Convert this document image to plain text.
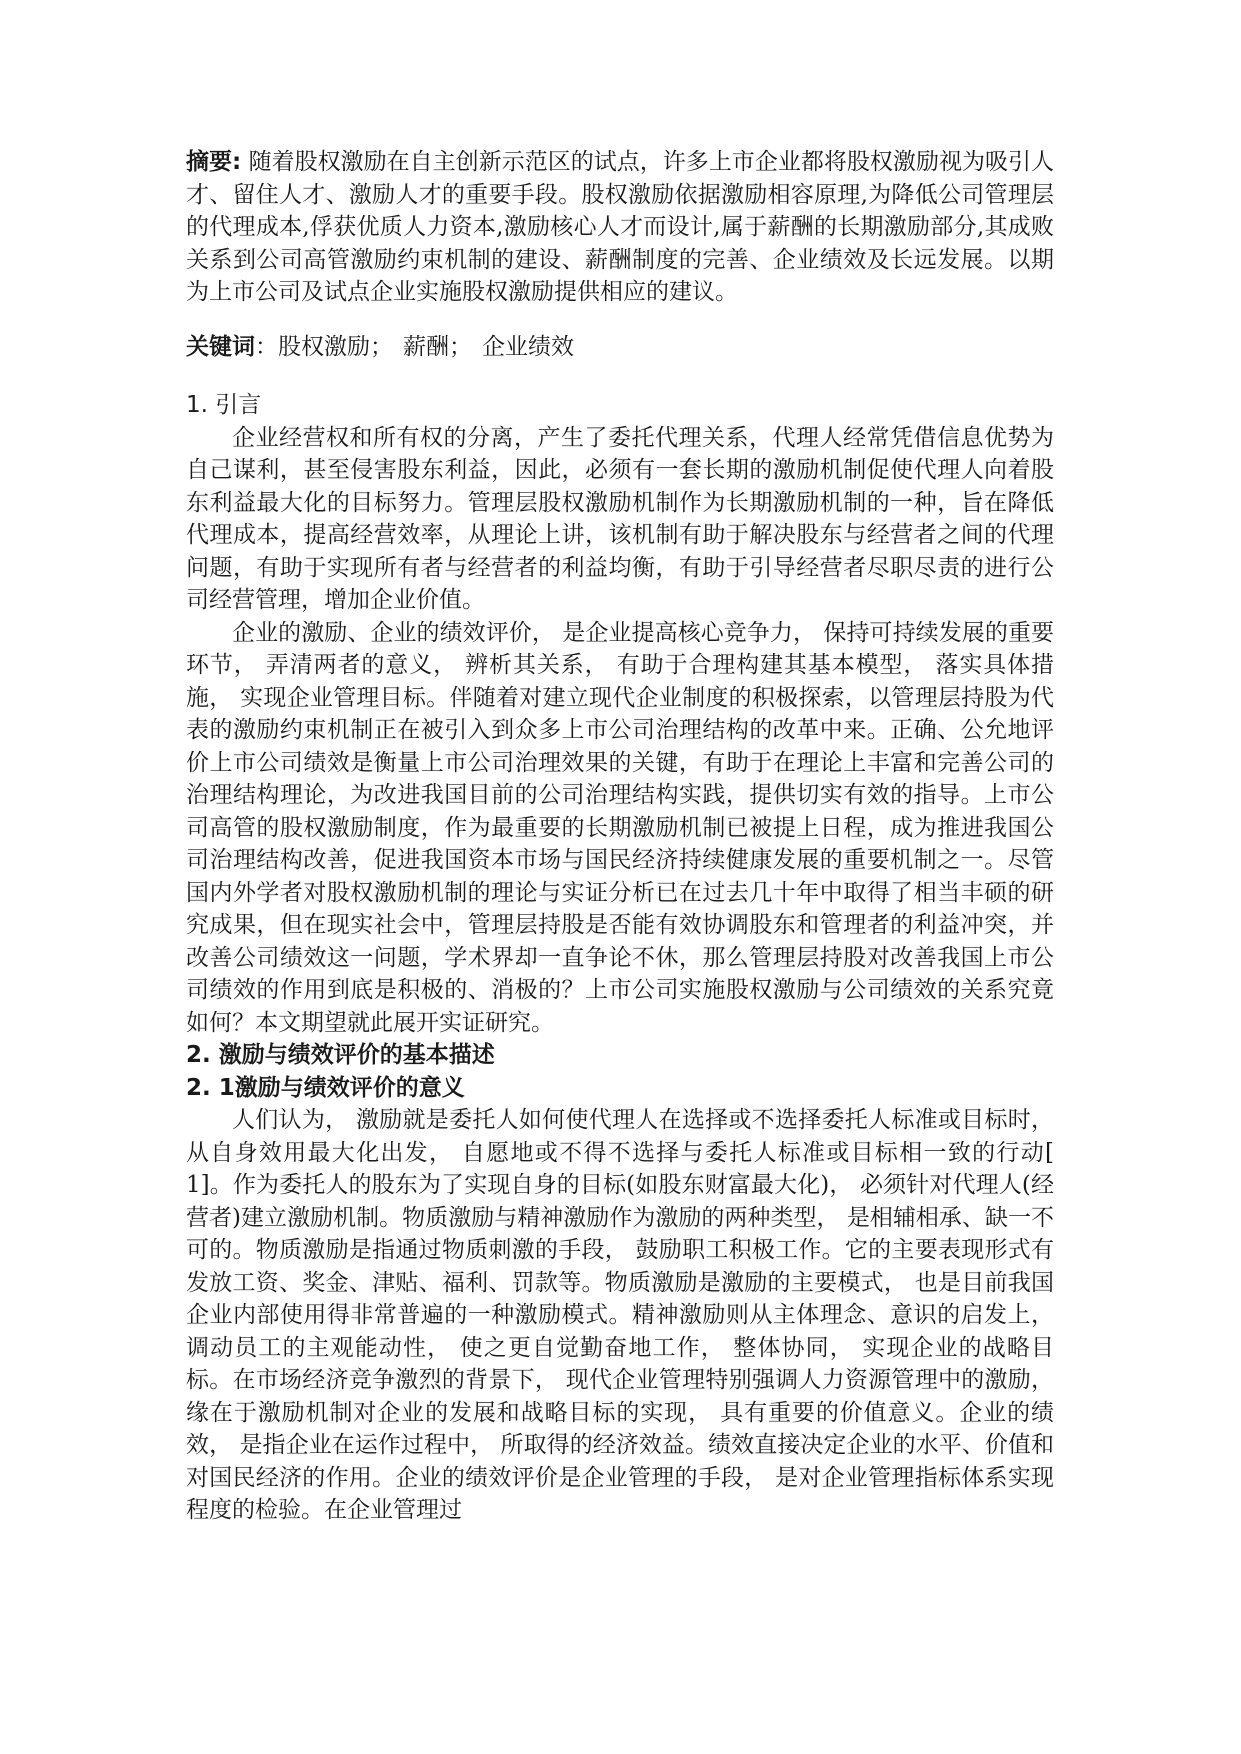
摘要: 随着股权激励在自主创新示范区的试点，许多上市企业都将股权激励视为吸引人才、留住人才、激励人才的重要手段。股权激励依据激励相容原理,为降低公司管理层的代理成本,俘获优质人力资本,激励核心人才而设计,属于薪酬的长期激励部分,其成败关系到公司高管激励约束机制的建设、薪酬制度的完善、企业绩效及长远发展。以期为上市公司及试点企业实施股权激励提供相应的建议。

关键词：股权激励； 薪酬； 企业绩效

1. 引言

企业经营权和所有权的分离，产生了委托代理关系，代理人经常凭借信息优势为自己谋利，甚至侵害股东利益，因此，必须有一套长期的激励机制促使代理人向着股东利益最大化的目标努力。管理层股权激励机制作为长期激励机制的一种，旨在降低代理成本，提高经营效率，从理论上讲，该机制有助于解决股东与经营者之间的代理问题，有助于实现所有者与经营者的利益均衡，有助于引导经营者尽职尽责的进行公司经营管理，增加企业价值。

企业的激励、企业的绩效评价， 是企业提高核心竞争力， 保持可持续发展的重要环节， 弄清两者的意义， 辨析其关系， 有助于合理构建其基本模型， 落实具体措施， 实现企业管理目标。伴随着对建立现代企业制度的积极探索，以管理层持股为代表的激励约束机制正在被引入到众多上市公司治理结构的改革中来。正确、公允地评价上市公司绩效是衡量上市公司治理效果的关键，有助于在理论上丰富和完善公司的治理结构理论，为改进我国目前的公司治理结构实践，提供切实有效的指导。上市公司高管的股权激励制度，作为最重要的长期激励机制已被提上日程，成为推进我国公司治理结构改善，促进我国资本市场与国民经济持续健康发展的重要机制之一。尽管国内外学者对股权激励机制的理论与实证分析已在过去几十年中取得了相当丰硕的研究成果，但在现实社会中，管理层持股是否能有效协调股东和管理者的利益冲突，并改善公司绩效这一问题，学术界却一直争论不休，那么管理层持股对改善我国上市公司绩效的作用到底是积极的、消极的？上市公司实施股权激励与公司绩效的关系究竟如何？本文期望就此展开实证研究。

2. 激励与绩效评价的基本描述

2. 1激励与绩效评价的意义

人们认为， 激励就是委托人如何使代理人在选择或不选择委托人标准或目标时， 从自身效用最大化出发， 自愿地或不得不选择与委托人标准或目标相一致的行动[ 1]。作为委托人的股东为了实现自身的目标(如股东财富最大化)， 必须针对代理人(经营者)建立激励机制。物质激励与精神激励作为激励的两种类型， 是相辅相承、缺一不可的。物质激励是指通过物质刺激的手段， 鼓励职工积极工作。它的主要表现形式有发放工资、奖金、津贴、福利、罚款等。物质激励是激励的主要模式， 也是目前我国企业内部使用得非常普遍的一种激励模式。精神激励则从主体理念、意识的启发上， 调动员工的主观能动性， 使之更自觉勤奋地工作， 整体协同， 实现企业的战略目标。在市场经济竞争激烈的背景下， 现代企业管理特别强调人力资源管理中的激励， 缘在于激励机制对企业的发展和战略目标的实现， 具有重要的价值意义。企业的绩效， 是指企业在运作过程中， 所取得的经济效益。绩效直接决定企业的水平、价值和对国民经济的作用。企业的绩效评价是企业管理的手段， 是对企业管理指标体系实现程度的检验。在企业管理过
